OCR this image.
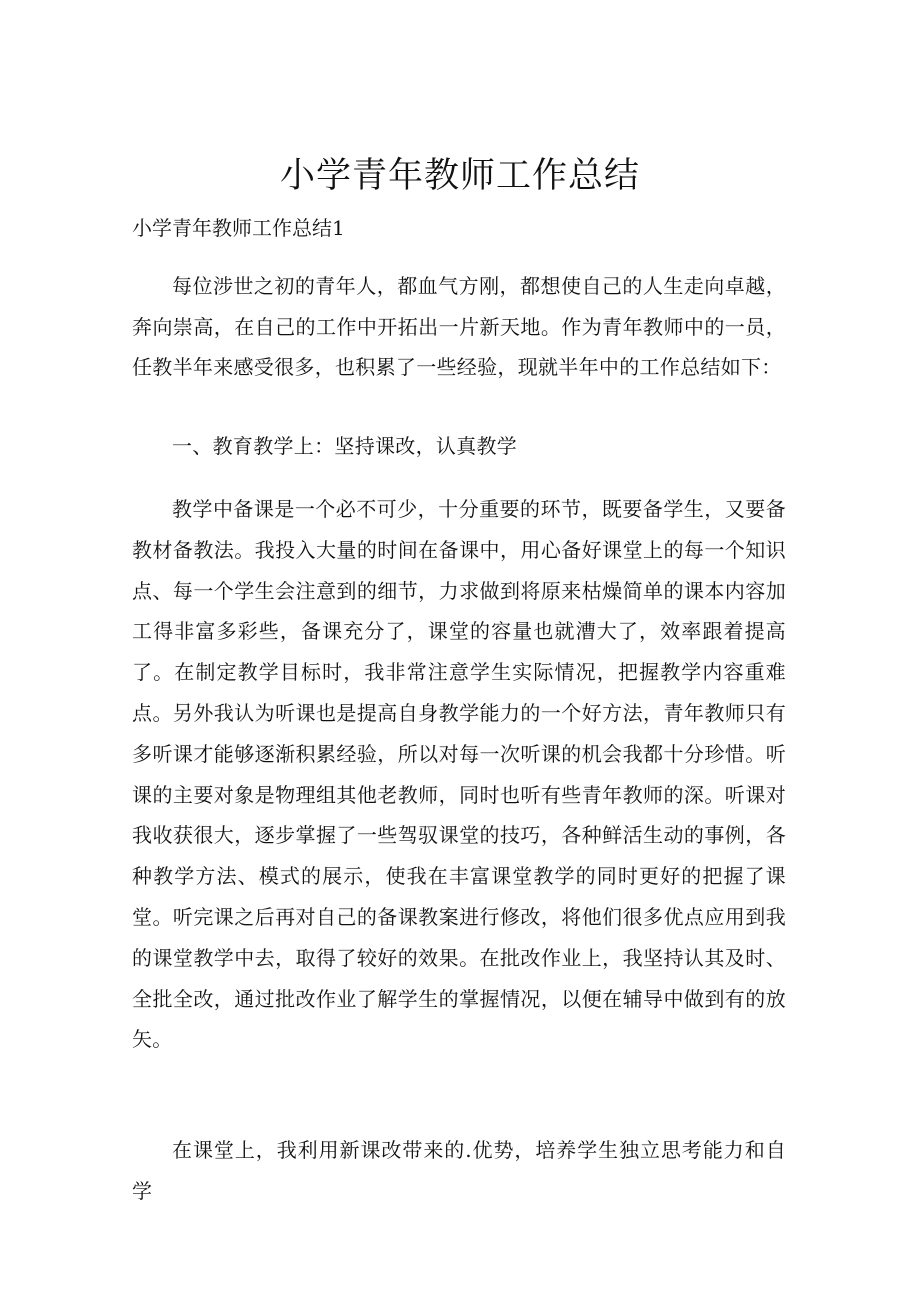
小学青年教师工作总结
小学青年教师工作总结1

每位涉世之初的青年人，都血气方刚，都想使自己的人生走向卓越，奔向崇高，在自己的工作中开拓出一片新天地。作为青年教师中的一员，任教半年来感受很多，也积累了一些经验，现就半年中的工作总结如下：

一、教育教学上：坚持课改，认真教学

教学中备课是一个必不可少，十分重要的环节，既要备学生，又要备教材备教法。我投入大量的时间在备课中，用心备好课堂上的每一个知识点、每一个学生会注意到的细节，力求做到将原来枯燥简单的课本内容加工得非富多彩些，备课充分了，课堂的容量也就漕大了，效率跟着提高了。在制定教学目标时，我非常注意学生实际情况，把握教学内容重难点。另外我认为听课也是提高自身教学能力的一个好方法，青年教师只有多听课才能够逐渐积累经验，所以对每一次听课的机会我都十分珍惜。听课的主要对象是物理组其他老教师，同时也听有些青年教师的深。听课对我收获很大，逐步掌握了一些驾驭课堂的技巧，各种鲜活生动的事例，各种教学方法、模式的展示，使我在丰富课堂教学的同时更好的把握了课堂。听完课之后再对自己的备课教案进行修改，将他们很多优点应用到我的课堂教学中去，取得了较好的效果。在批改作业上，我坚持认其及时、全批全改，通过批改作业了解学生的掌握情况，以便在辅导中做到有的放矢。

在课堂上，我利用新课改带来的.优势，培养学生独立思考能力和自学
